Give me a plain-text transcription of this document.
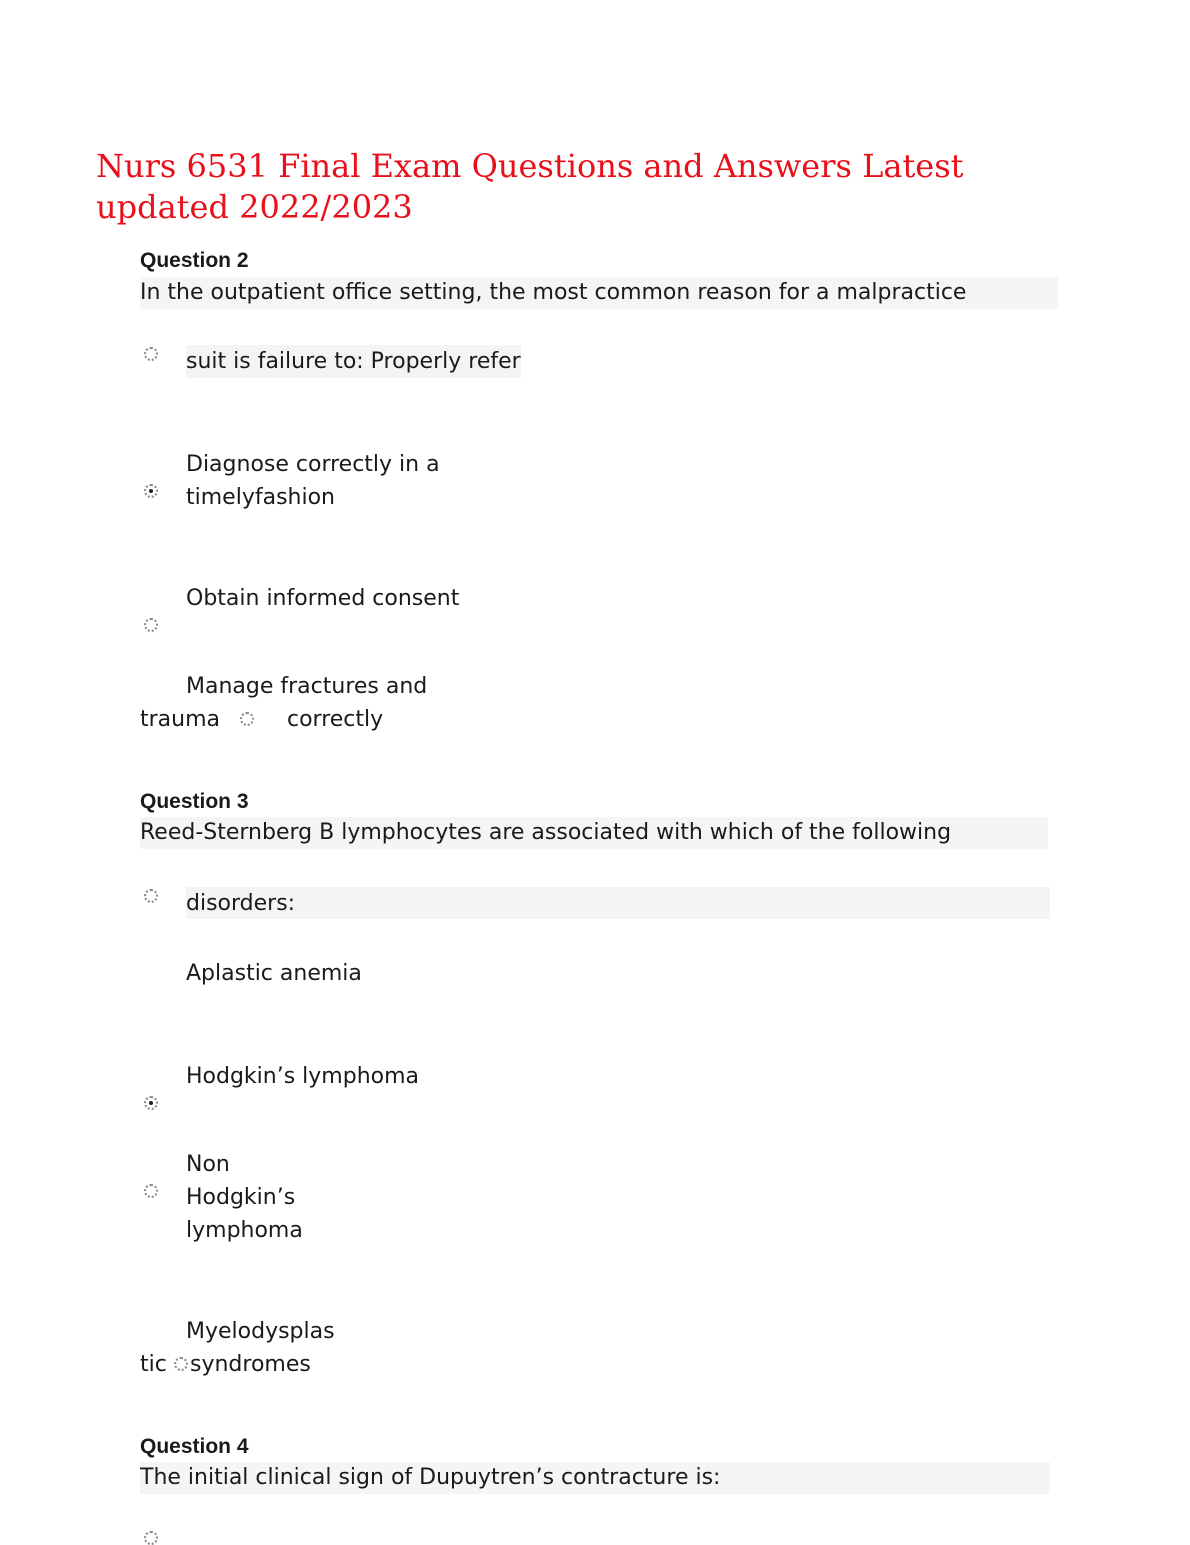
Nurs 6531 Final Exam Questions and Answers Latest updated 2022/2023
Question 2
In the outpatient office setting, the most common reason for a malpractice
suit is failure to: Properly refer
Diagnose correctly in a
timelyfashion
Obtain informed consent
Manage fractures and
trauma	correctly
Question 3
Reed-Sternberg B lymphocytes are associated with which of the following
disorders:
Aplastic anemia
Hodgkin’s lymphoma
Non
Hodgkin’s
lymphoma
Myelodysplas
tic syndromes
Question 4
The initial clinical sign of Dupuytren’s contracture is:
